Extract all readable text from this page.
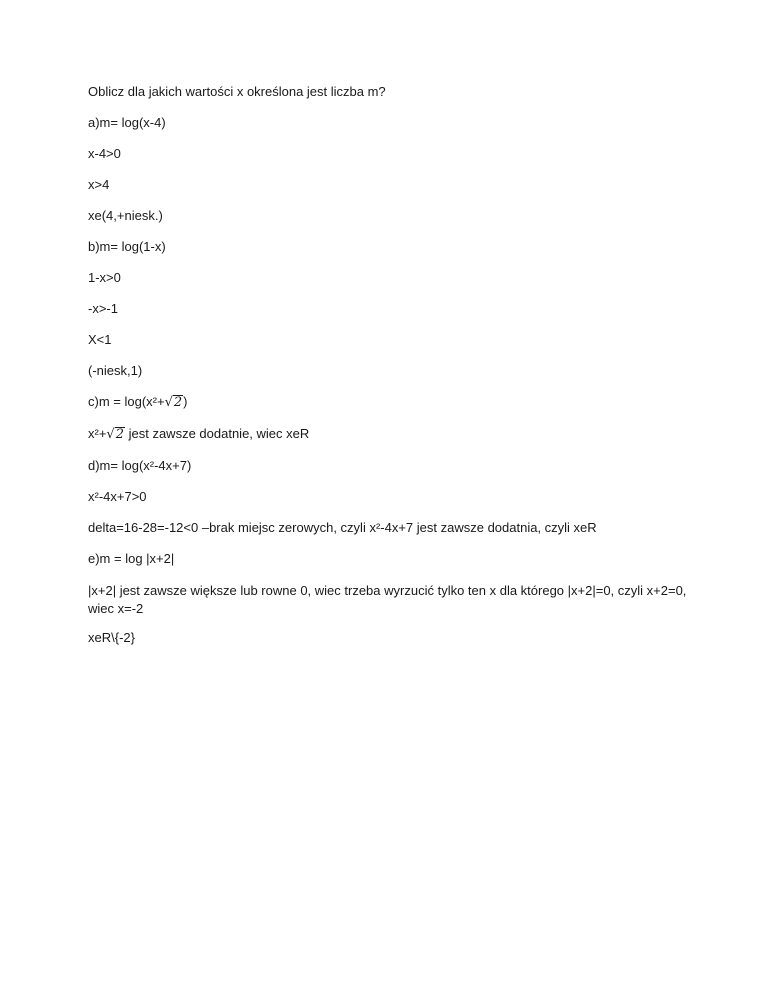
Oblicz dla jakich wartości x określona jest liczba m?

a)m= log(x-4)

x-4>0

x>4

xe(4,+niesk.)

b)m= log(1-x)

1-x>0

-x>-1

X<1

(-niesk,1)

c)m = log(x²+√2)

x²+√2 jest zawsze dodatnie, wiec xeR

d)m= log(x²-4x+7)

x²-4x+7>0

delta=16-28=-12<0 –brak miejsc zerowych, czyli x²-4x+7 jest zawsze dodatnia, czyli xeR

e)m = log |x+2|

|x+2| jest zawsze większe lub rowne 0, wiec trzeba wyrzucić tylko ten x dla którego |x+2|=0, czyli x+2=0, wiec x=-2

xeR\{-2}
